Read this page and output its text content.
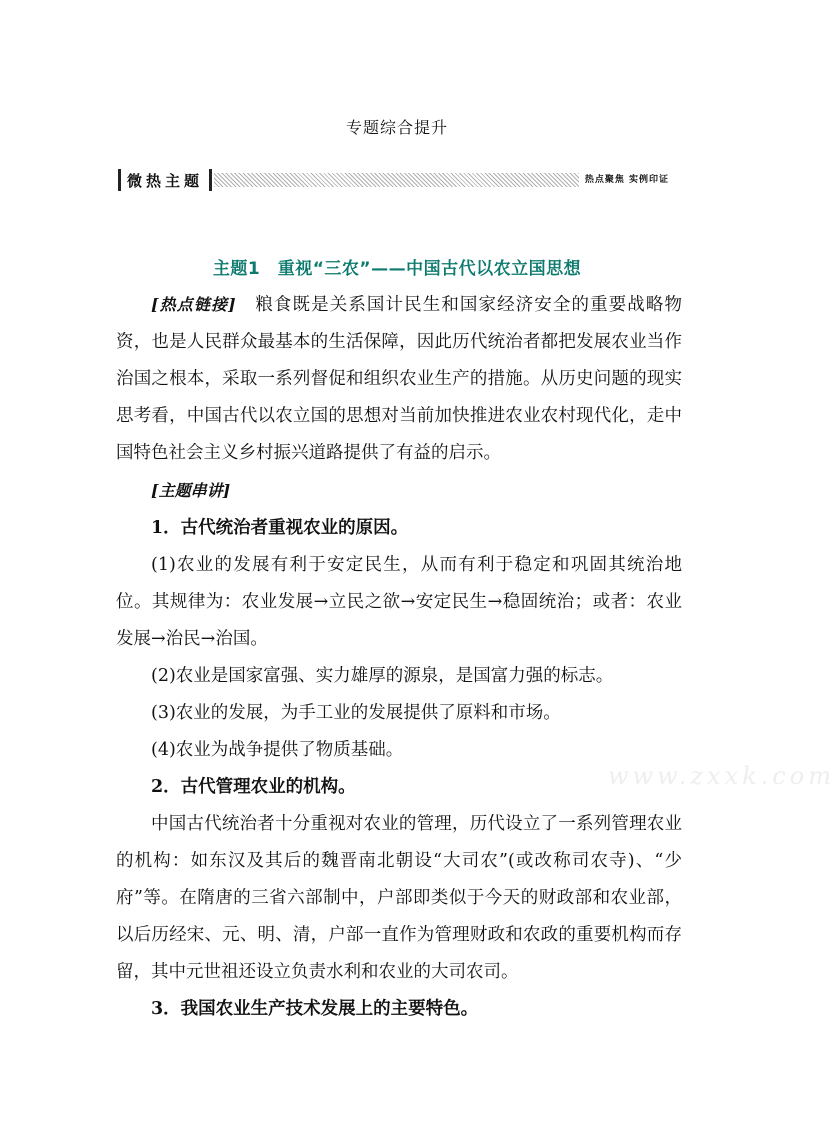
专题综合提升
微热主题	热点聚焦 实例印证
主题1　重视“三农”——中国古代以农立国思想

[热点链接]　粮食既是关系国计民生和国家经济安全的重要战略物资，也是人民群众最基本的生活保障，因此历代统治者都把发展农业当作治国之根本，采取一系列督促和组织农业生产的措施。从历史问题的现实思考看，中国古代以农立国的思想对当前加快推进农业农村现代化，走中国特色社会主义乡村振兴道路提供了有益的启示。

[主题串讲]

1．古代统治者重视农业的原因。

(1)农业的发展有利于安定民生，从而有利于稳定和巩固其统治地位。其规律为：农业发展→立民之欲→安定民生→稳固统治；或者：农业发展→治民→治国。

(2)农业是国家富强、实力雄厚的源泉，是国富力强的标志。

(3)农业的发展，为手工业的发展提供了原料和市场。

(4)农业为战争提供了物质基础。

2．古代管理农业的机构。

中国古代统治者十分重视对农业的管理，历代设立了一系列管理农业的机构：如东汉及其后的魏晋南北朝设“大司农”(或改称司农寺)、“少府”等。在隋唐的三省六部制中，户部即类似于今天的财政部和农业部，以后历经宋、元、明、清，户部一直作为管理财政和农政的重要机构而存留，其中元世祖还设立负责水利和农业的大司农司。

3．我国农业生产技术发展上的主要特色。

www.zxxk.com
